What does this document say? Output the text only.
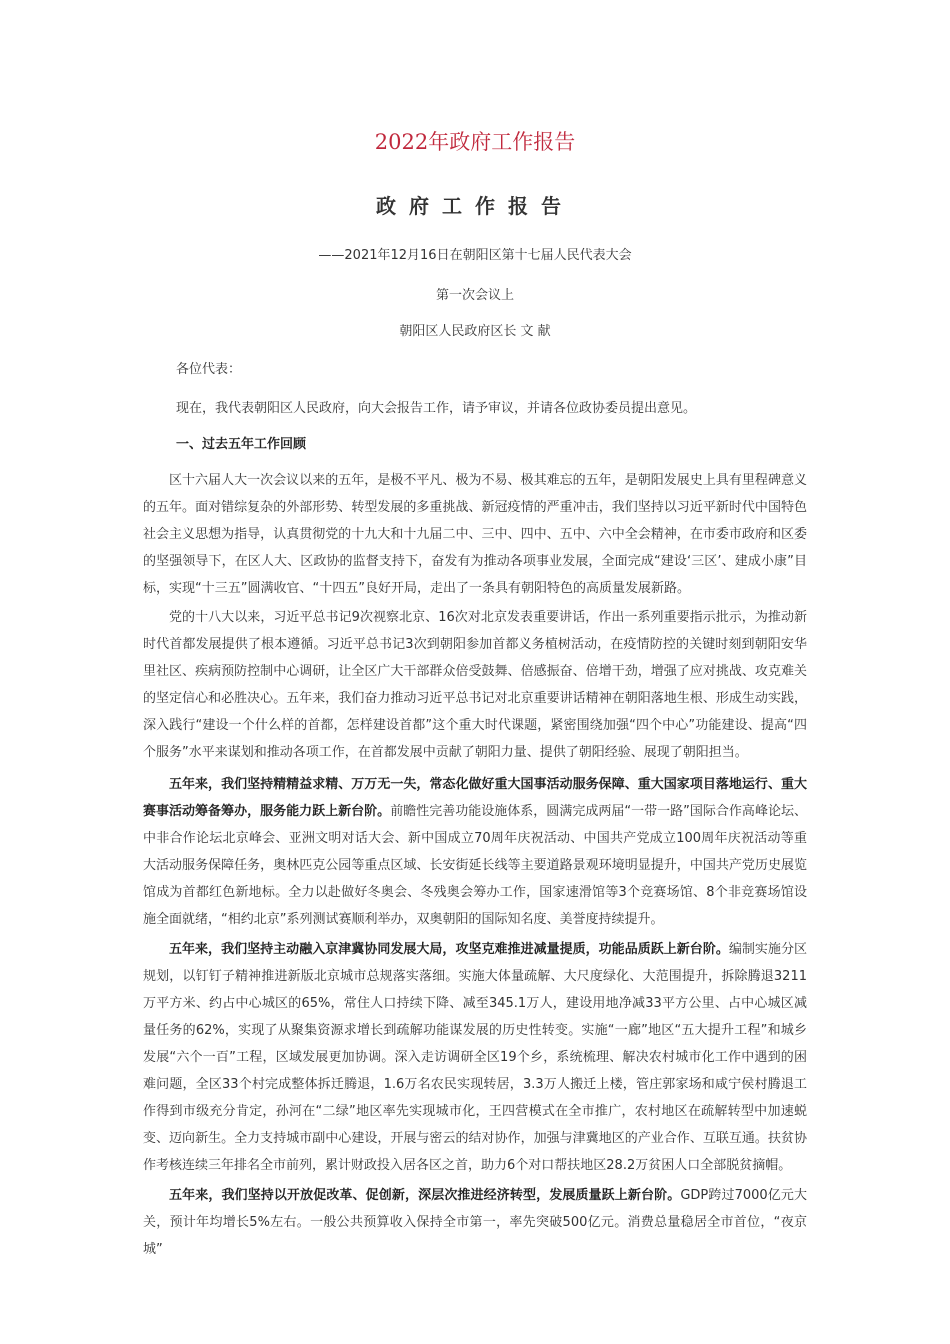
2022年政府工作报告
政府工作报告
——2021年12月16日在朝阳区第十七届人民代表大会
第一次会议上
朝阳区人民政府区长 文 献
各位代表：
现在，我代表朝阳区人民政府，向大会报告工作，请予审议，并请各位政协委员提出意见。
一、过去五年工作回顾

区十六届人大一次会议以来的五年，是极不平凡、极为不易、极其难忘的五年，是朝阳发展史上具有里程碑意义的五年。面对错综复杂的外部形势、转型发展的多重挑战、新冠疫情的严重冲击，我们坚持以习近平新时代中国特色社会主义思想为指导，认真贯彻党的十九大和十九届二中、三中、四中、五中、六中全会精神，在市委市政府和区委的坚强领导下，在区人大、区政协的监督支持下，奋发有为推动各项事业发展，全面完成“建设‘三区’、建成小康”目标，实现“十三五”圆满收官、“十四五”良好开局，走出了一条具有朝阳特色的高质量发展新路。

党的十八大以来，习近平总书记9次视察北京、16次对北京发表重要讲话，作出一系列重要指示批示，为推动新时代首都发展提供了根本遵循。习近平总书记3次到朝阳参加首都义务植树活动，在疫情防控的关键时刻到朝阳安华里社区、疾病预防控制中心调研，让全区广大干部群众倍受鼓舞、倍感振奋、倍增干劲，增强了应对挑战、攻克难关的坚定信心和必胜决心。五年来，我们奋力推动习近平总书记对北京重要讲话精神在朝阳落地生根、形成生动实践，深入践行“建设一个什么样的首都，怎样建设首都”这个重大时代课题，紧密围绕加强“四个中心”功能建设、提高“四个服务”水平来谋划和推动各项工作，在首都发展中贡献了朝阳力量、提供了朝阳经验、展现了朝阳担当。

五年来，我们坚持精精益求精、万万无一失，常态化做好重大国事活动服务保障、重大国家项目落地运行、重大赛事活动筹备筹办，服务能力跃上新台阶。前瞻性完善功能设施体系，圆满完成两届“一带一路”国际合作高峰论坛、中非合作论坛北京峰会、亚洲文明对话大会、新中国成立70周年庆祝活动、中国共产党成立100周年庆祝活动等重大活动服务保障任务，奥林匹克公园等重点区域、长安街延长线等主要道路景观环境明显提升，中国共产党历史展览馆成为首都红色新地标。全力以赴做好冬奥会、冬残奥会筹办工作，国家速滑馆等3个竞赛场馆、8个非竞赛场馆设施全面就绪，“相约北京”系列测试赛顺利举办，双奥朝阳的国际知名度、美誉度持续提升。

五年来，我们坚持主动融入京津冀协同发展大局，攻坚克难推进减量提质，功能品质跃上新台阶。编制实施分区规划，以钉钉子精神推进新版北京城市总规落实落细。实施大体量疏解、大尺度绿化、大范围提升，拆除腾退3211万平方米、约占中心城区的65%，常住人口持续下降、减至345.1万人，建设用地净减33平方公里、占中心城区减量任务的62%，实现了从聚集资源求增长到疏解功能谋发展的历史性转变。实施“一廊”地区“五大提升工程”和城乡发展“六个一百”工程，区域发展更加协调。深入走访调研全区19个乡，系统梳理、解决农村城市化工作中遇到的困难问题，全区33个村完成整体拆迁腾退，1.6万名农民实现转居，3.3万人搬迁上楼，管庄郭家场和咸宁侯村腾退工作得到市级充分肯定，孙河在“二绿”地区率先实现城市化，王四营模式在全市推广，农村地区在疏解转型中加速蜕变、迈向新生。全力支持城市副中心建设，开展与密云的结对协作，加强与津冀地区的产业合作、互联互通。扶贫协作考核连续三年排名全市前列，累计财政投入居各区之首，助力6个对口帮扶地区28.2万贫困人口全部脱贫摘帽。

五年来，我们坚持以开放促改革、促创新，深层次推进经济转型，发展质量跃上新台阶。GDP跨过7000亿元大关，预计年均增长5%左右。一般公共预算收入保持全市第一，率先突破500亿元。消费总量稳居全市首位，“夜京城”
